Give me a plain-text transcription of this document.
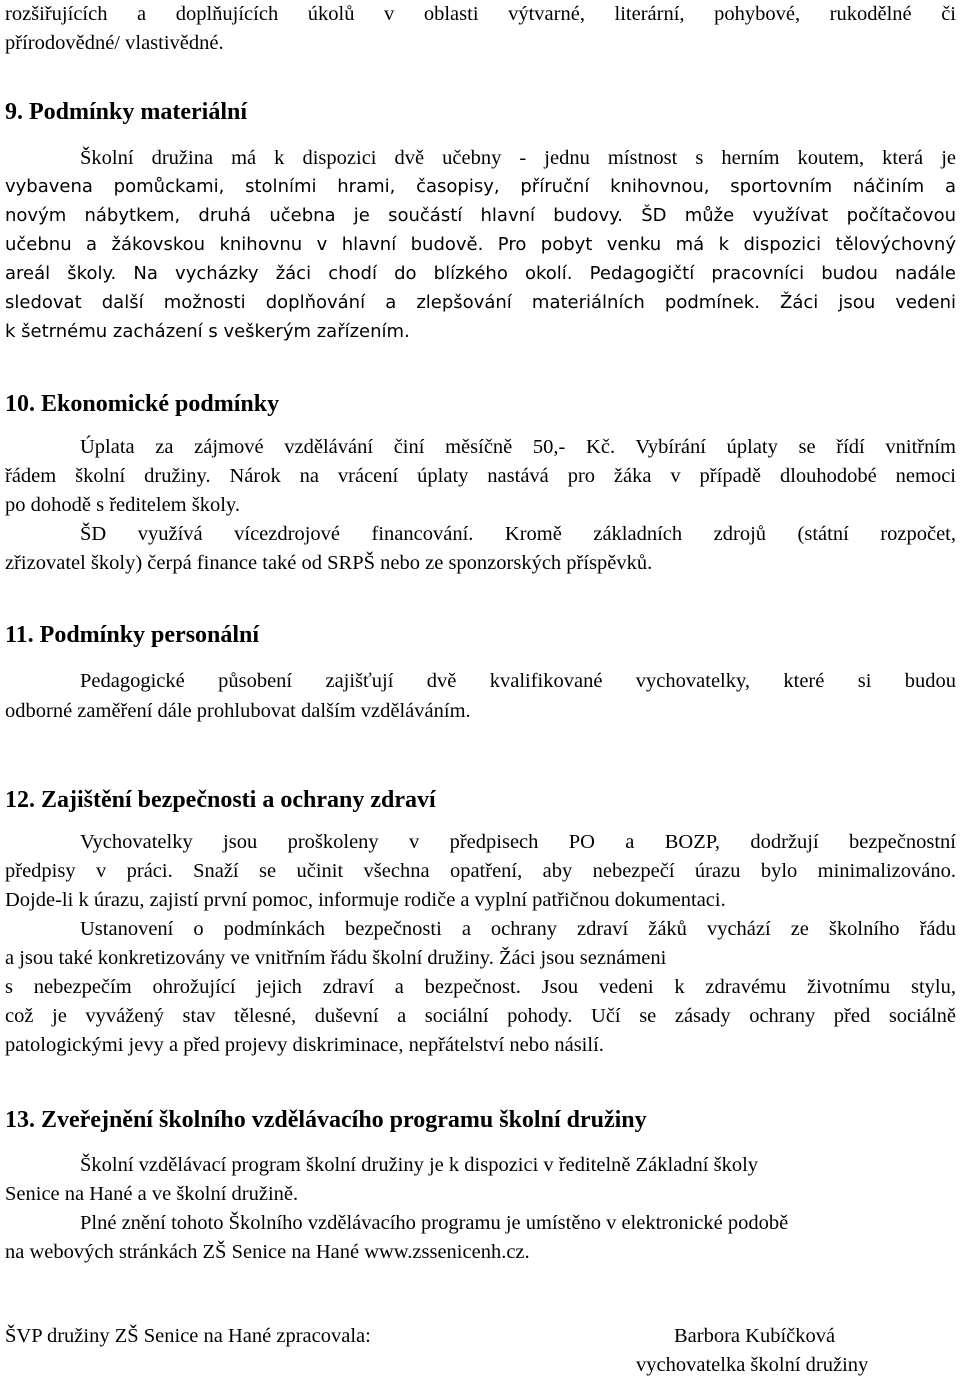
rozšiřujících a doplňujících úkolů v oblasti výtvarné, literární, pohybové, rukodělné či
přírodovědné/ vlastivědné.
9. Podmínky materiální
Školní družina má k dispozici dvě učebny - jednu místnost s herním koutem, která je
vybavena pomůckami, stolními hrami, časopisy, příruční knihovnou, sportovním náčiním a
novým nábytkem, druhá učebna je součástí hlavní budovy. ŠD může využívat počítačovou
učebnu a žákovskou knihovnu v hlavní budově. Pro pobyt venku má k dispozici tělovýchovný
areál školy. Na vycházky žáci chodí do blízkého okolí. Pedagogičtí pracovníci budou nadále
sledovat další možnosti doplňování a zlepšování materiálních podmínek. Žáci jsou vedeni
k šetrnému zacházení s veškerým zařízením.
10. Ekonomické podmínky
Úplata za zájmové vzdělávání činí měsíčně 50,- Kč. Vybírání úplaty se řídí vnitřním
řádem školní družiny. Nárok na vrácení úplaty nastává pro žáka v případě dlouhodobé nemoci
po dohodě s ředitelem školy.
ŠD využívá vícezdrojové financování. Kromě základních zdrojů (státní rozpočet,
zřizovatel školy) čerpá finance také od SRPŠ nebo ze sponzorských příspěvků.
11. Podmínky personální
Pedagogické působení zajišťují dvě kvalifikované vychovatelky, které si budou
odborné zaměření dále prohlubovat dalším vzděláváním.
12. Zajištění bezpečnosti a ochrany zdraví
Vychovatelky jsou proškoleny v předpisech PO a BOZP, dodržují bezpečnostní
předpisy v práci. Snaží se učinit všechna opatření, aby nebezpečí úrazu bylo minimalizováno.
Dojde-li k úrazu, zajistí první pomoc, informuje rodiče a vyplní patřičnou dokumentaci.
Ustanovení o podmínkách bezpečnosti a ochrany zdraví žáků vychází ze školního řádu
a jsou také konkretizovány ve vnitřním řádu školní družiny. Žáci jsou seznámeni
s nebezpečím ohrožující jejich zdraví a bezpečnost. Jsou vedeni k zdravému životnímu stylu,
což je vyvážený stav tělesné, duševní a sociální pohody. Učí se zásady ochrany před sociálně
patologickými jevy a před projevy diskriminace, nepřátelství nebo násilí.
13. Zveřejnění školního vzdělávacího programu školní družiny
Školní vzdělávací program školní družiny je k dispozici v ředitelně Základní školy
Senice na Hané a ve školní družině.
Plné znění tohoto Školního vzdělávacího programu je umístěno v elektronické podobě
na webových stránkách ZŠ Senice na Hané www.zssenicenh.cz.
ŠVP družiny ZŠ Senice na Hané zpracovala:	Barbora Kubíčková
vychovatelka školní družiny
